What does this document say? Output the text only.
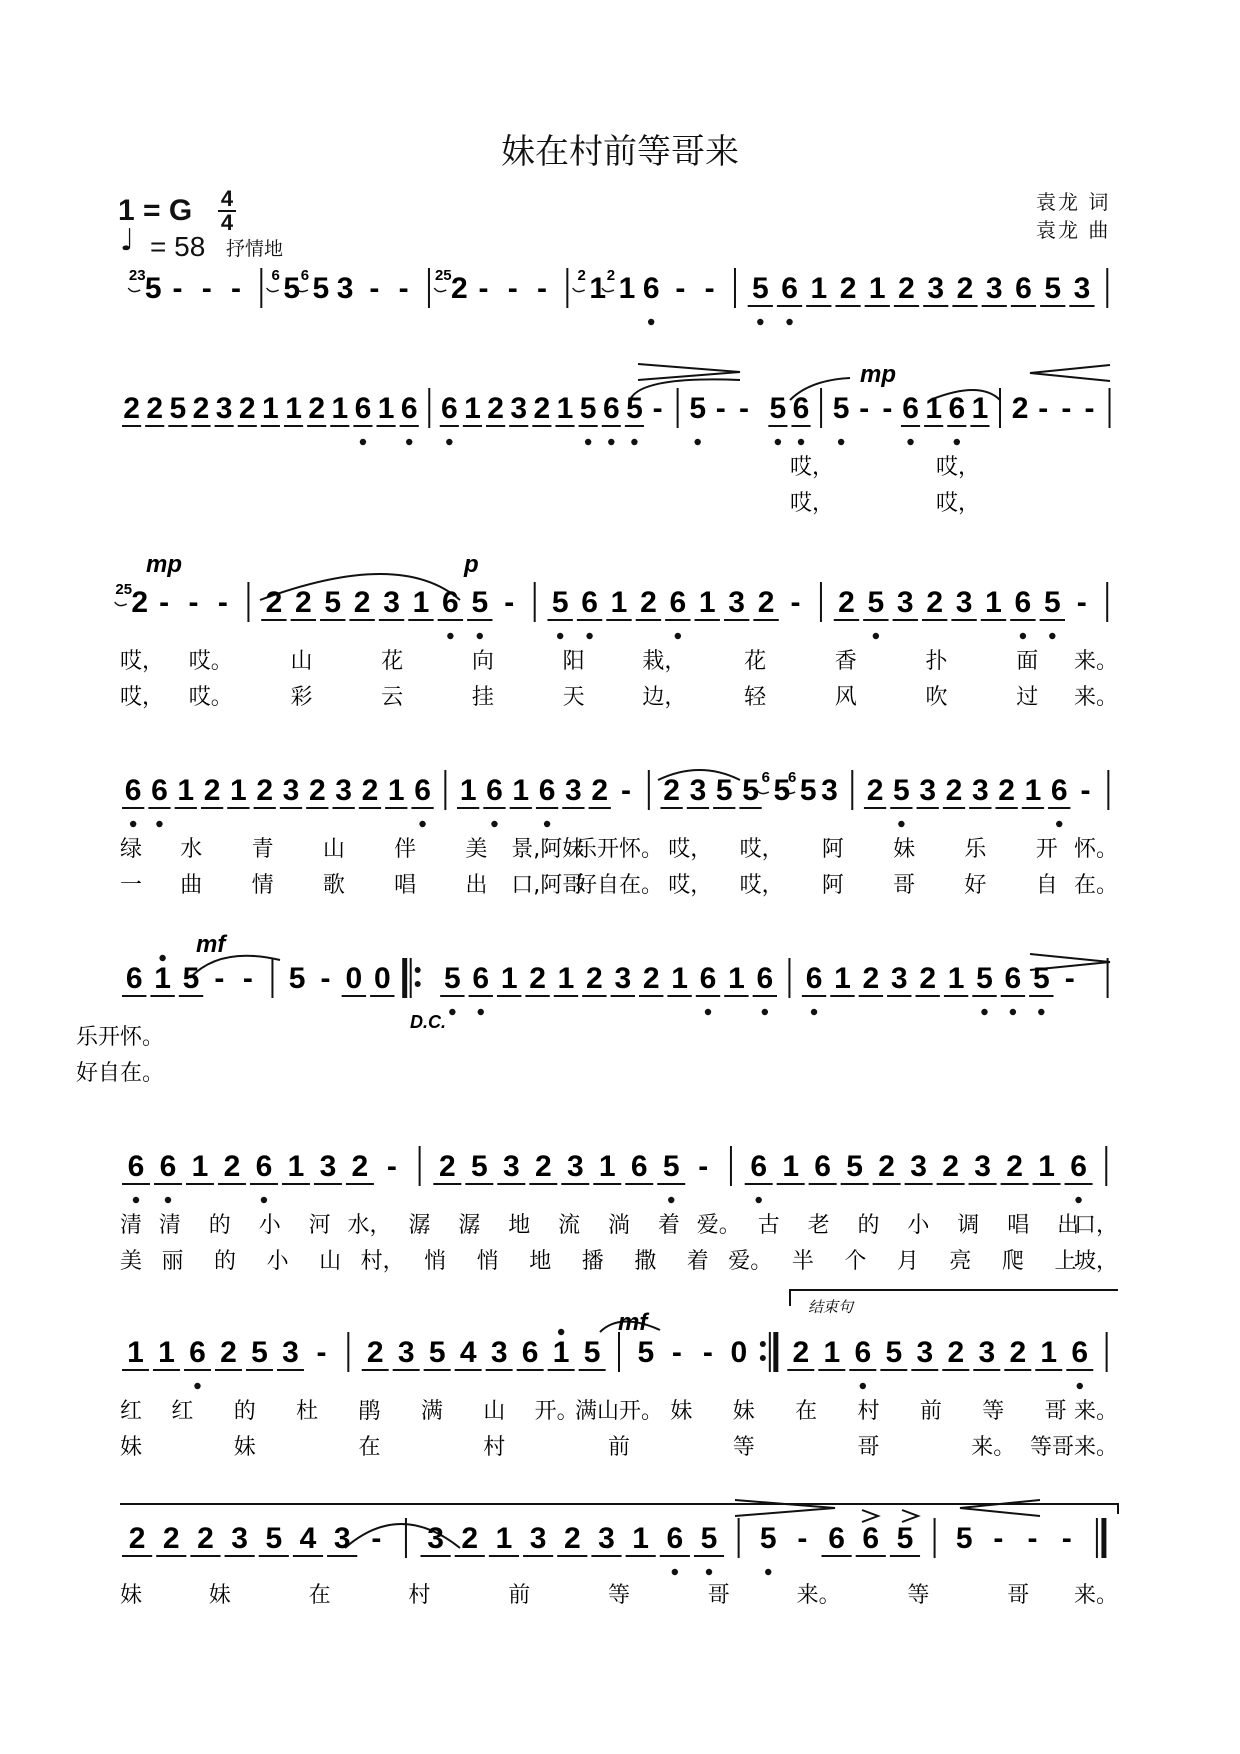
妹在村前等哥来
1 = G 4
4
♩ = 58 抒情地
袁龙 词
袁龙 曲
5
23 - - - 5
6 5
6 3 - - 2
25 - - - 1
2 1
2 6 - - 5 6 1 2 1 2 3 2 3 6 5 3
2 2 5 2 3 2 1 1 2 1 6 1 6 6 1 2 3 2 1 5 6 5 - 5 - - 5 6 5 - - 6 1 6 1 2 - - -
哎，	哎，
哎，	哎，
mp
2
25 - - - 2 2 5 2 3 1 6 5 - 5 6 1 2 6 1 3 2 - 2 5 3 2 3 1 6 5 -
哎， 哎。	山	花	向	阳	栽，	花	香	扑	面 来。
哎， 哎。	彩	云	挂	天	边，	轻	风	吹	过 来。
mp	p
6 6 1 2 1 2 3 2 3 2 1 6 1 6 1 6 3 2 - 2 3 5 5 5
6 5
6 3 2 5 3 2 3 2 1 6 -
绿 水 青 山 伴 美 景,阿妹
乐开怀。 哎， 哎， 阿 妹 乐 开 怀。
一 曲 情 歌 唱 出 口,阿哥
好自在。 哎， 哎， 阿 哥 好 自 在。
6 1 5 - - 5 - 0 0 5 6 1 2 1 2 3 2 1 6 1 6 6 1 2 3 2 1 5 6 5 -
乐开怀。
好自在。
mf
6 6 1 2 6 1 3 2 - 2 5 3 2 3 1 6 5 - 6 1 6 5 2 3 2 3 2 1 6
清 清 的 小 河 水， 潺 潺 地 流 淌 着 爱。 古 老 的 小 调 唱 出
口，
美 丽 的 小 山 村， 悄 悄 地 播 撒 着 爱。 半 个 月 亮 爬 上
坡，
1 1 6 2 5 3 - 2 3 5 4 3 6 1 5 5 - - 0 2 1 6 5 3 2 3 2 1 6
红 红 的 杜 鹃 满 山 开。
满山开。 妹 妹 在 村 前 等 哥 来。
妹	妹	在	村	前	等	哥	来。 等哥来。
mf
2 2 2 3 5 4 3 - 3 2 1 3 2 3 1 6 5 5 - 6 6 5 5 - - -
妹	妹	在	村	前	等	哥	来。	等	哥 来。
D.C.
结束句
